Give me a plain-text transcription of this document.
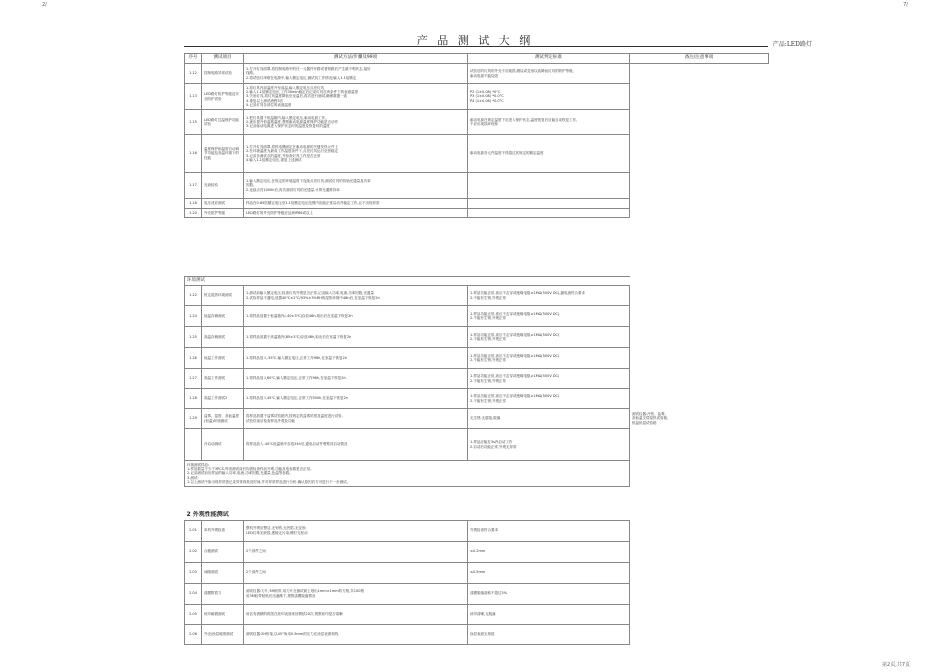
2/	7/
产 品 测 试 大 纲	产品:LED路灯
序号	测试项目	测试方法/步骤及99项	测试判定标准	备注/注意事项
1.12	控制电路异常试验	1.打开灯具面罩,将控制电路中的任一元器件开路或者短路后产生最不利状态,接好
线路。
2.将试验灯串联在电源中,输入额定电压,测试其工作情况;输入1.1倍额定	试验后的灯具的外壳不应破损,燃烧或变形以致降低灯具的防护等级,
驱动电源不能烧毁	

1.13	LED路灯防护等级及安全防护试验	1.将灯具内部温度升至高温,输入额定电压点亮灯具
2.输入1.1倍额定电压,工作30min稳定后记录灯具在该条件下的表面温度
3.关闭灯具,将灯具温度降低至室温后,再次进行测试,确保数据一致
4.重复以上测试流程3次
5.记录灯具各部位的表面温度	P2 (1±0.08) *0°C
P3 (1±0.08) *0.0°C
P4 (1±0.08) *0.0°C	

1.15	LED路灯过温保护功能试验	1.把灯具置于恒温箱内,输入额定电压,驱动电源工作。
2.逐步提升恒温箱温度,观察驱动电源温度保护功能是否动作
3.记录驱动电源进入保护状态时的温度及恢复时的温度	驱动电源在规定温度下应进入保护状态,温度恢复后应能自动恢复工作,
不应出现损坏现象	

1.16	温度保护和温度自动调节功能及高温环境下的性能	1.打开灯具面罩,将热电偶固定在驱动电源的关键发热元件上
2.在环境温度为最高工作温度条件下,点亮灯具运行至热稳定
3.记录各测试点的温度,并检查灯具工作是否正常
4.输入1.1倍额定电压,重复上述测试	驱动电源各元件温度不得超过其规定的额定温度	

1.17	光衰检验	1.输入额定电压,在规定的环境温度下连续点亮灯具,测试灯具的初始光通量及功率
因数。
2.连续点亮1000h后,再次测试灯具的光通量,计算光通维持率		

1.18	电压适应测试	样品在0.85倍额定电压至1.1倍额定电压范围内应能正常启动并稳定工作,且不出现异常		

1.20	外壳防护等级	LED路灯的外壳防护等级应达到IP66或以上		

环境测试				
1.22	恒定湿热环境测试	1.测试前输入额定电压,检查灯具外观是否正常,记录输入功率,电流,功率因数,光通量
2.试验样品不通电,放置40℃±2℃/93%±3%RH的湿热环境中48h后,在室温下恢复2h	1.样品功能正常,高压不击穿或绝缘电阻≥1MΩ(500V DC),漏电流符合要求
2.不能有生锈,外观正常	

1.24	低温存储测试	1.将样品放置于低温箱内(-40±3℃)存放48h,取出后在室温下恢复2h	1.样品功能正常,高压不击穿或绝缘电阻≥1MΩ(500V DC)
2.不能有生锈,外观正常	

1.25	高温存储测试	1.将样品放置于高温箱内(85±3℃)存放48h,取出后在室温下恢复2h	1.样品功能正常,高压不击穿或绝缘电阻≥1MΩ(500V DC)
2.不能有生锈,外观正常	

1.26	低温工作测试	1.将样品放入-35℃,输入额定电压,正常工作96h,在室温下恢复2h	1.样品功能正常,高压不击穿或绝缘电阻≥1MΩ(500V DC)
2.不能有生锈,外观正常	

1.27	高温工作测试	1.将样品放入60℃,输入额定电压,正常工作96h,在室温下恢复2h	1.样品功能正常,高压不击穿或绝缘电阻≥1MΩ(500V DC)
2.不能有生锈,外观正常	

1.28	高温工作测试2	1.将样品放入45℃,输入额定电压,正常工作500h,在室温下恢复2h	1.样品功能正常,高压不击穿或绝缘电阻≥1MΩ(500V DC)
2.不能有生锈,外观正常	

1.29	盐雾、湿度、高低温度(恒温)环境测试	将样品放置于盐雾试验箱内,按规定的盐雾浓度及温度进行试验,
试验结束后检查样品外观及功能	无生锈,无腐蚀,脱落	测试仪器:冷热、盐雾、
高低温交替湿热试验箱,
恒温恒湿试验箱

	冷启动测试	将样品放入-40℃低温箱中存放24h后,通电启动并观察其启动情况	1.样品应能在3s内启动工作
2.启动后功能正常,外观无异常	

环境测试样品:
1.样品数量不少于3PCS,每项测试前后均需检查样品外观,功能及电参数是否正常。
2.记录测试前后样品的输入功率,电流,功率因数,光通量,色温等参数。
3.测试:
1.以上测试中如出现异常需记录异常现象及时间,并对异常样品进行分析,确认原因后方可进行下一步测试。				

2 外观性能测试				
2.01	单机外观检查	整机外观应整洁,无划伤,无凹陷,无变形;
LED灯珠无缺损,透镜无污染,螺钉无松动	外观检查符合要求	

2.02	合缝测试	2个部件之间	≤0.2mm	

2.03	间隙测试	2个部件之间	≤0.5mm	

2.04	漆膜附着力	测试仪器:刀片,3M胶带,用刀片在测试面上划出1mm×1mm的方格,共100格
用3M胶带粘贴后迅速撕下,观察漆膜脱落情况	漆膜脱落面积不超过5%	

2.05	丝印耐磨测试	用沾有酒精的棉签在丝印表面来回擦拭20次,观察丝印是否清晰	丝印清晰,无脱落	

2.06	外壳/涂层硬度测试	测试仪器:2H铅笔,以45°角用0.5mm的压力在涂层表面划线	涂层表面无划痕	

第2页,共7页
